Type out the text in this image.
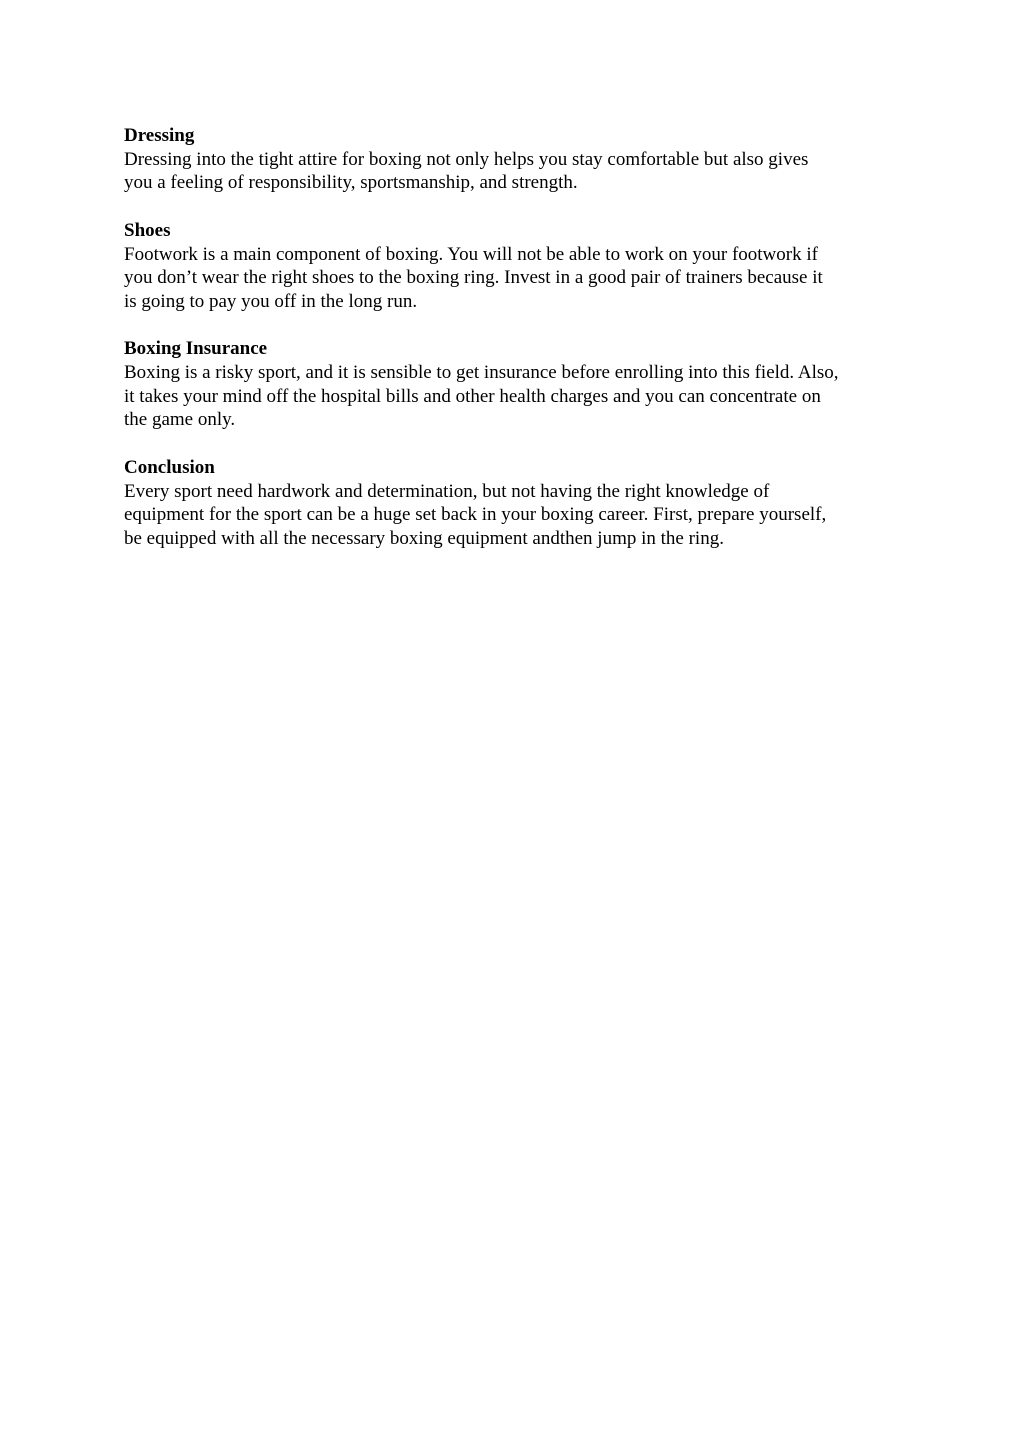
Dressing

Dressing into the tight attire for boxing not only helps you stay comfortable but also gives

you a feeling of responsibility, sportsmanship, and strength.

Shoes

Footwork is a main component of boxing. You will not be able to work on your footwork if

you don’t wear the right shoes to the boxing ring. Invest in a good pair of trainers because it

is going to pay you off in the long run.

Boxing Insurance

Boxing is a risky sport, and it is sensible to get insurance before enrolling into this field. Also,

it takes your mind off the hospital bills and other health charges and you can concentrate on

the game only.

Conclusion

Every sport need hardwork and determination, but not having the right knowledge of

equipment for the sport can be a huge set back in your boxing career. First, prepare yourself,

be equipped with all the necessary boxing equipment andthen jump in the ring.
